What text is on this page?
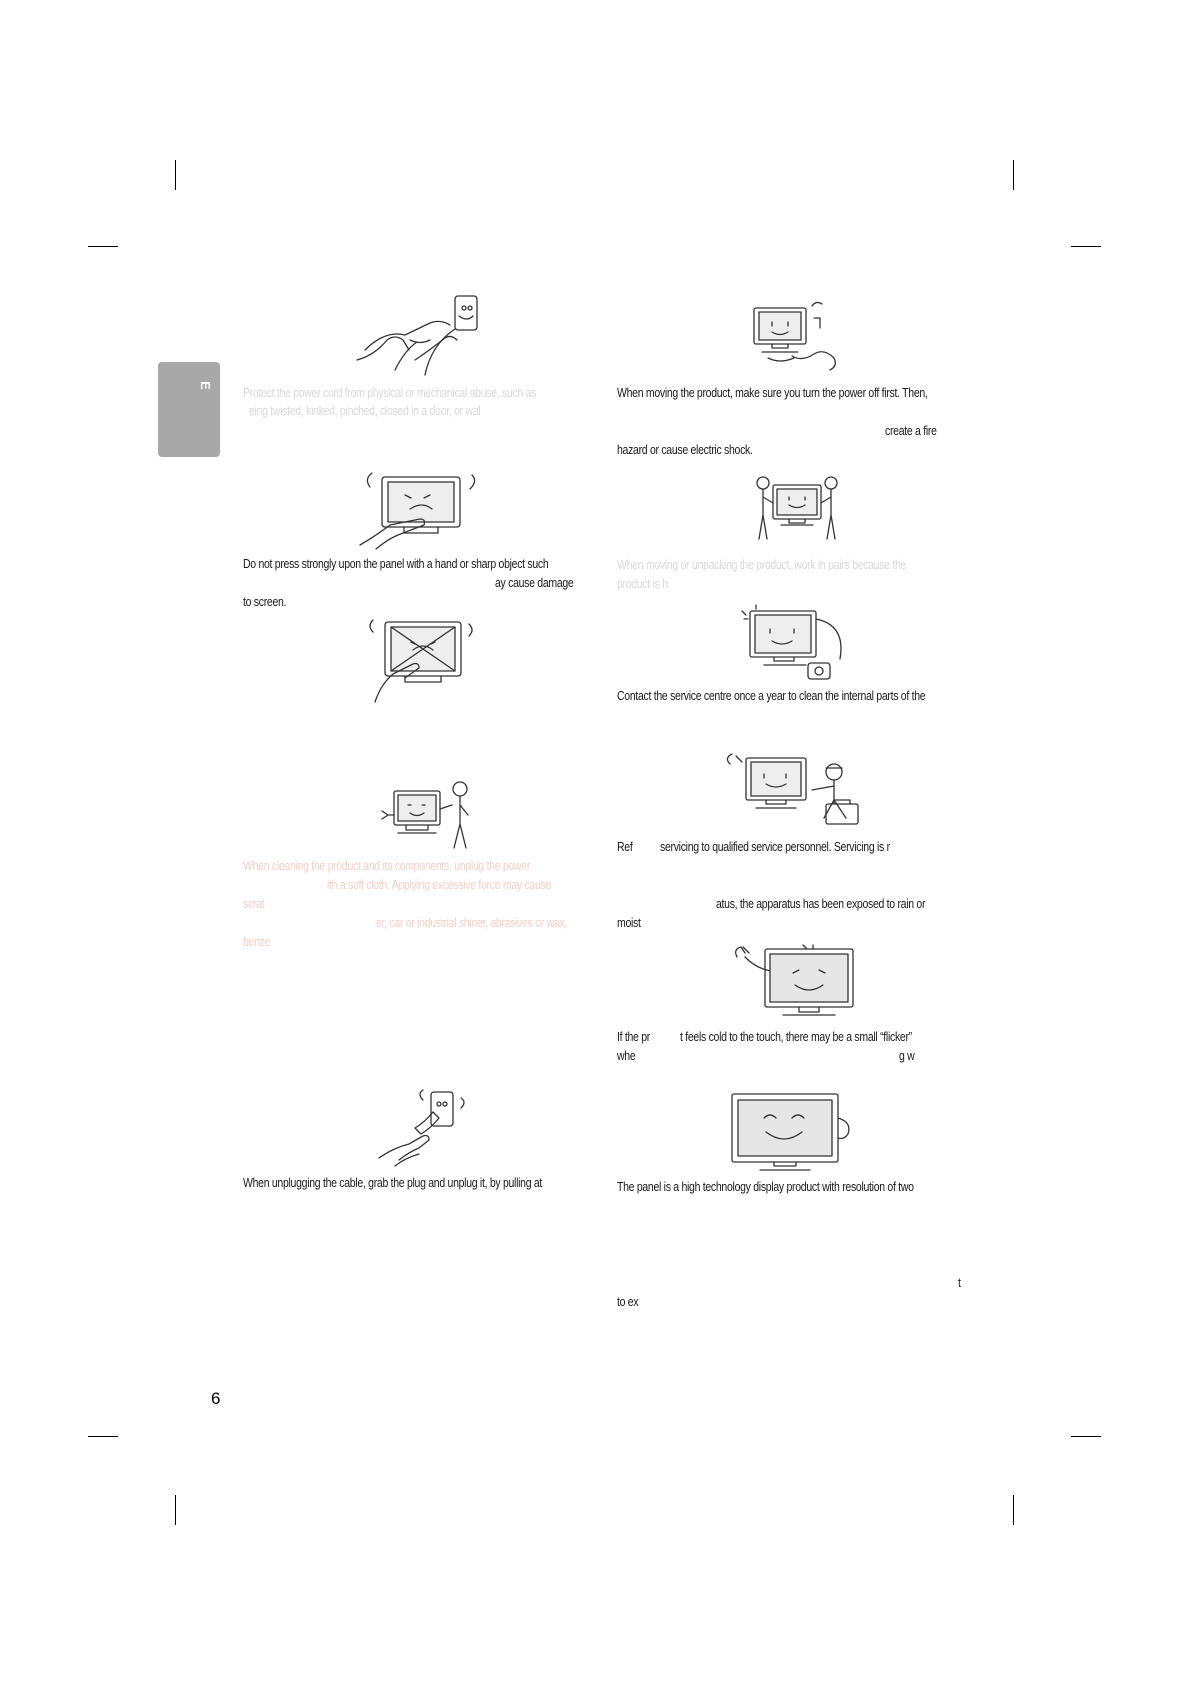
E
Protect the power cord from physical or mechanical abuse, such as
eing twisted, kinked, pinched, closed in a door, or wal
Do not press strongly upon the panel with a hand or sharp object such
ay cause damage
to screen.
When cleaning the product and its components, unplug the power
ith a soft cloth. Applying excessive force may cause
scrat
er, car or industrial shiner, abrasives or wax,
benze
When unplugging the cable, grab the plug and unplug it, by pulling at
6
When moving the product, make sure you turn the power off first. Then,
create a fire
hazard or cause electric shock.
When moving or unpacking the product, work in pairs because the
product is h
Contact the service centre once a year to clean the internal parts of the
Ref servicing to qualified service personnel. Servicing is r
atus, the apparatus has been exposed to rain or
moist
If the pr t feels cold to the touch, there may be a small “flicker”
whe	g w
The panel is a high technology display product with resolution of two
t
to ex
